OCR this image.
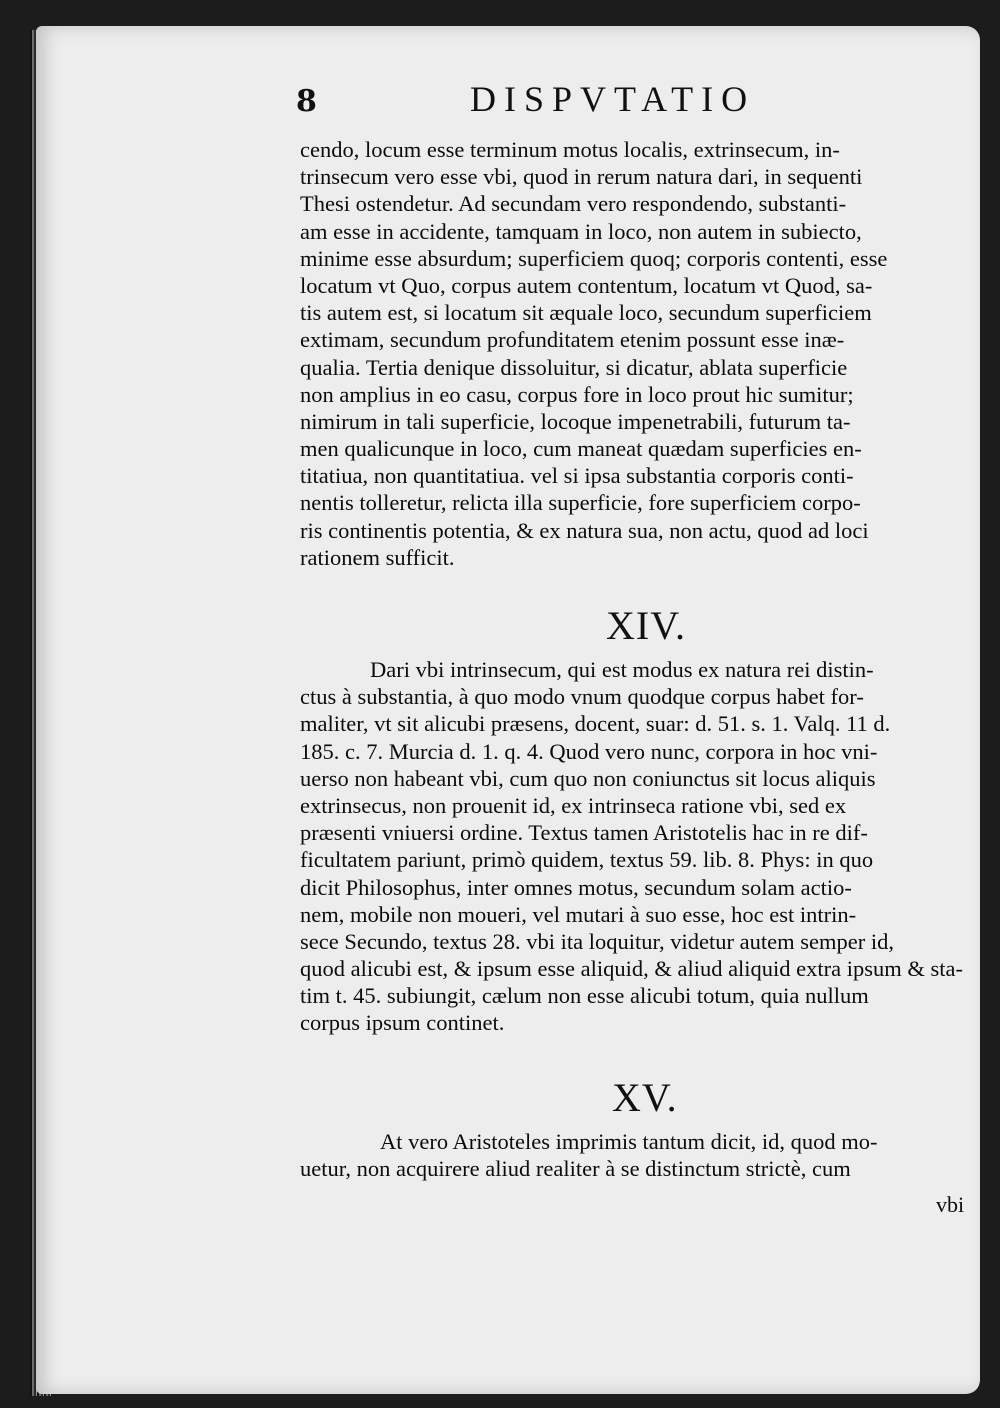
8	DISPVTATIO
cendo, locum esse terminum motus localis, extrinsecum, in-
trinsecum vero esse vbi, quod in rerum natura dari, in sequenti
Thesi ostendetur. Ad secundam vero respondendo, substanti-
am esse in accidente, tamquam in loco, non autem in subiecto,
minime esse absurdum; superficiem quoq; corporis contenti, esse
locatum vt Quo, corpus autem contentum, locatum vt Quod, sa-
tis autem est, si locatum sit æquale loco, secundum superficiem
extimam, secundum profunditatem etenim possunt esse inæ-
qualia. Tertia denique dissoluitur, si dicatur, ablata superficie
non amplius in eo casu, corpus fore in loco prout hic sumitur;
nimirum in tali superficie, locoque impenetrabili, futurum ta-
men qualicunque in loco, cum maneat quædam superficies en-
titatiua, non quantitatiua. vel si ipsa substantia corporis conti-
nentis tolleretur, relicta illa superficie, fore superficiem corpo-
ris continentis potentia, & ex natura sua, non actu, quod ad loci
rationem sufficit.
XIV.
Dari vbi intrinsecum, qui est modus ex natura rei distin-
ctus à substantia, à quo modo vnum quodque corpus habet for-
maliter, vt sit alicubi præsens, docent, suar: d. 51. s. 1. Valq. 11 d.
185. c. 7. Murcia d. 1. q. 4. Quod vero nunc, corpora in hoc vni-
uerso non habeant vbi, cum quo non coniunctus sit locus aliquis
extrinsecus, non prouenit id, ex intrinseca ratione vbi, sed ex
præsenti vniuersi ordine. Textus tamen Aristotelis hac in re dif-
ficultatem pariunt, primò quidem, textus 59. lib. 8. Phys: in quo
dicit Philosophus, inter omnes motus, secundum solam actio-
nem, mobile non moueri, vel mutari à suo esse, hoc est intrin-
sece Secundo, textus 28. vbi ita loquitur, videtur autem semper id,
quod alicubi est, & ipsum esse aliquid, & aliud aliquid extra ipsum & sta-
tim t. 45. subiungit, cælum non esse alicubi totum, quia nullum
corpus ipsum continet.
XV.
At vero Aristoteles imprimis tantum dicit, id, quod mo-
uetur, non acquirere aliud realiter à se distinctum strictè, cum
vbi
